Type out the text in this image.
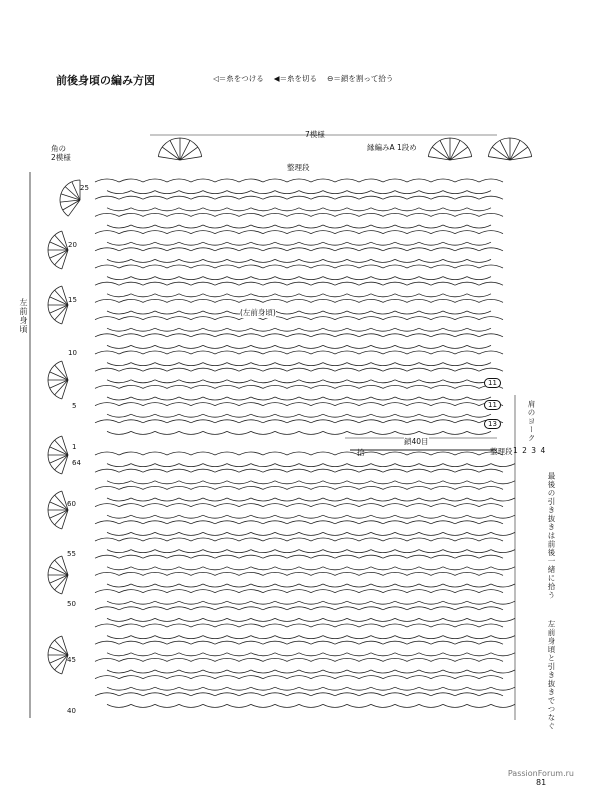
前後身頃の編み方図	◁＝糸をつける ◀＝糸を切る ⊖＝鎖を割って拾う
7模様
縁編みA 1段め
角の
2模様
整理段
左前身頃	(左前身頃)
鎖40目
拾
肩のヨーク
整理段 1 2 3 4
最後の引き抜きは前後一緒に拾う
左前身頃と引き抜きでつなぐ
25
20
15
10
5
1
64
60
55
50
45
40
11
11
13
PassionForum.ru
81
